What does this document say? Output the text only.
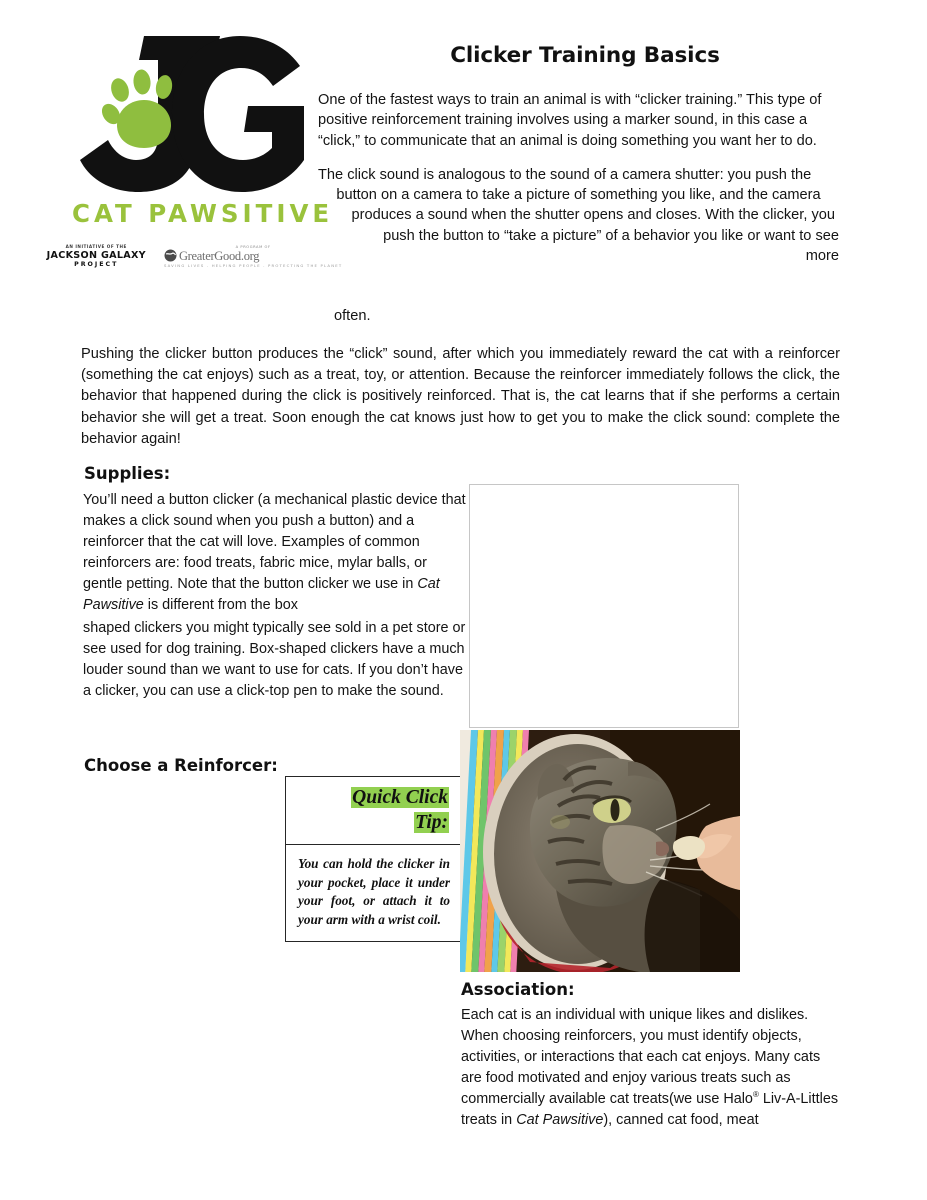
CAT PAWSITIVE
AN INITIATIVE OF THE
JACKSON GALAXY
PROJECT
A PROGRAM OF
GreaterGood.org
SAVING LIVES . HELPING PEOPLE . PROTECTING THE PLANET
Clicker Training Basics

One of the fastest ways to train an animal is with “clicker training.” This type of positive reinforcement training involves using a marker sound, in this case a “click,” to communicate that an animal is doing something you want her to do.

The click sound is analogous to the sound of a camera shutter: you push the
button on a camera to take a picture of something you like, and the camera
produces a sound when the shutter opens and closes. With the clicker, you
push the button to “take a picture” of a behavior you like or want to see
more

often.
Pushing the clicker button produces the “click” sound, after which you immediately reward the cat with a reinforcer (something the cat enjoys) such as a treat, toy, or attention. Because the reinforcer immediately follows the click, the behavior that happened during the click is positively reinforced. That is, the cat learns that if she performs a certain behavior she will get a treat. Soon enough the cat knows just how to get you to make the click sound: complete the behavior again!
Supplies:

You’ll need a button clicker (a mechanical plastic device that makes a click sound when you push a button) and a reinforcer that the cat will love. Examples of common reinforcers are: food treats, fabric mice, mylar balls, or gentle petting. Note that the button clicker we use in Cat Pawsitive is different from the box

shaped clickers you might typically see sold in a pet store or see used for dog training. Box-shaped clickers have a much louder sound than we want to use for cats. If you don’t have a clicker, you can use a click-top pen to make the sound.

Choose a Reinforcer:
Quick Click
Tip:
You can hold the clicker in your pocket, place it under your foot, or attach it to your arm with a wrist coil.
Association:

Each cat is an individual with unique likes and dislikes. When choosing reinforcers, you must identify objects, activities, or interactions that each cat enjoys. Many cats are food motivated and enjoy various treats such as commercially available cat treats(we use Halo® Liv-A-Littles treats in Cat Pawsitive), canned cat food, meat
